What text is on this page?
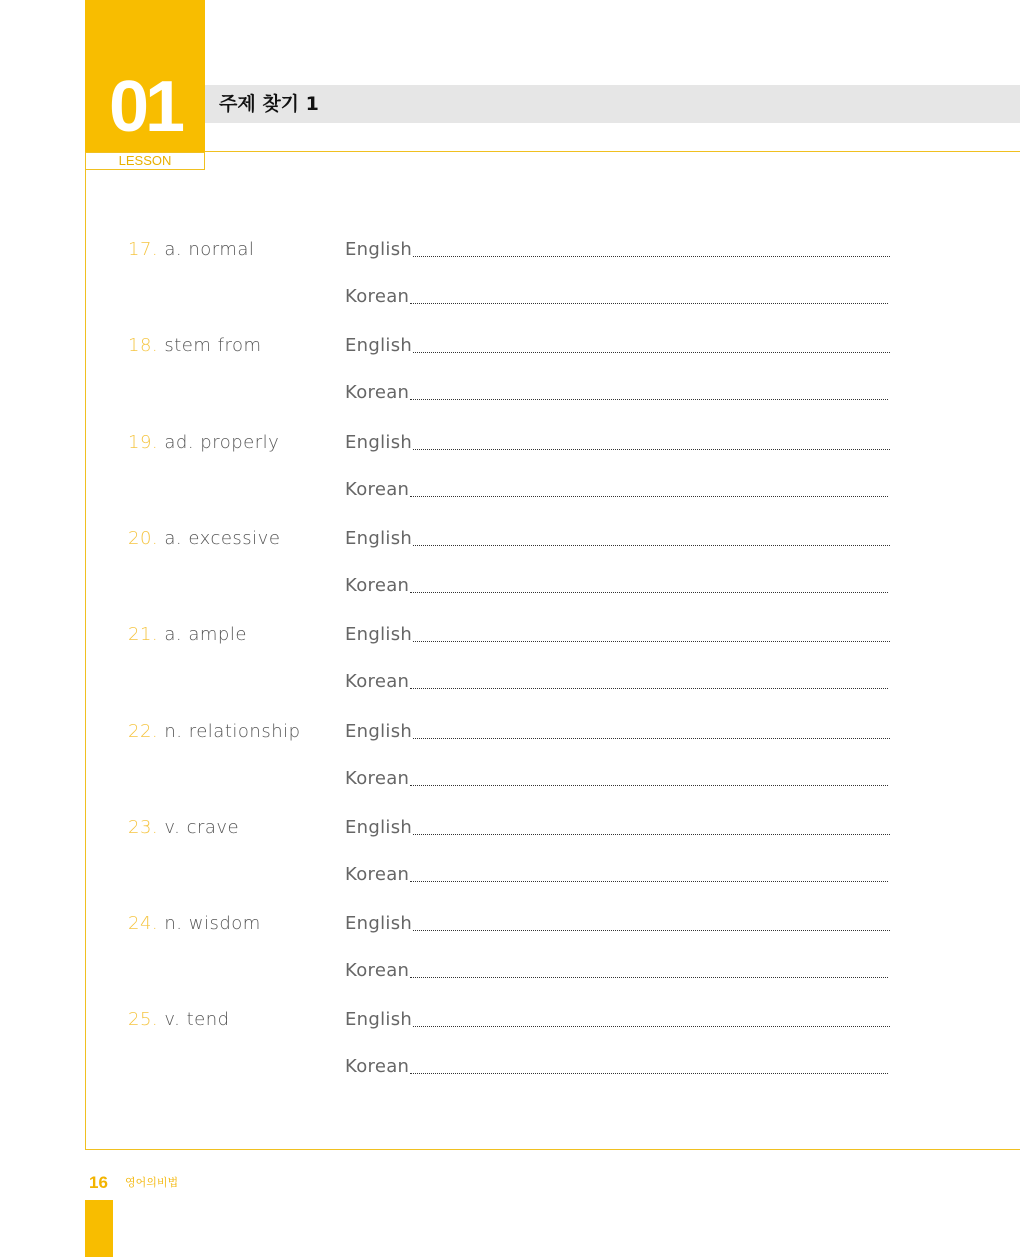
01
LESSON
주제 찾기 1
17. a. normal	English
Korean
18. stem from	English
Korean
19. ad. properly	English
Korean
20. a. excessive	English
Korean
21. a. ample	English
Korean
22. n. relationship English
Korean
23. v. crave	English
Korean
24. n. wisdom	English
Korean
25. v. tend	English
Korean
16 영어의비법
